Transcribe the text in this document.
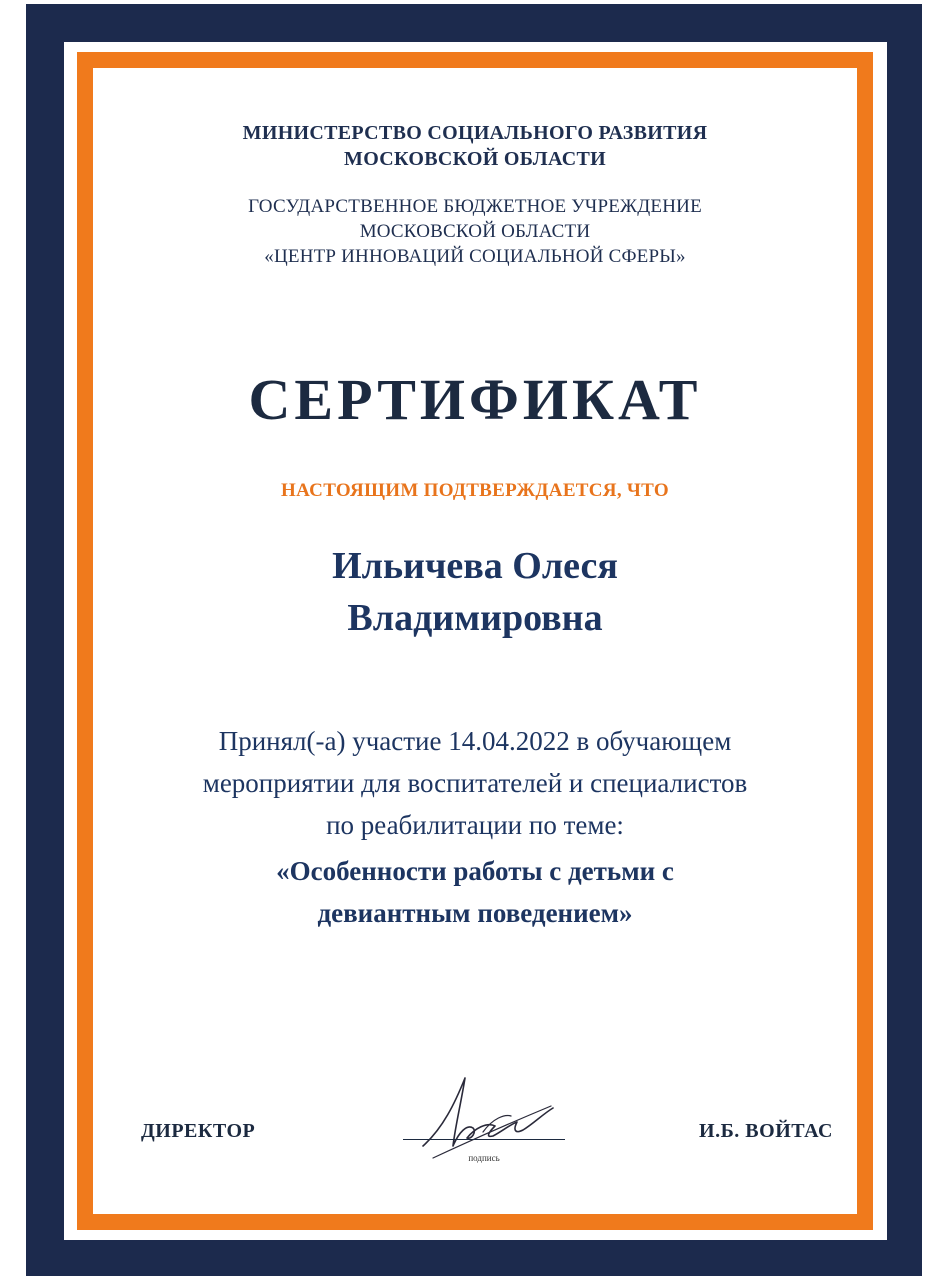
МИНИСТЕРСТВО СОЦИАЛЬНОГО РАЗВИТИЯ
МОСКОВСКОЙ ОБЛАСТИ
ГОСУДАРСТВЕННОЕ БЮДЖЕТНОЕ УЧРЕЖДЕНИЕ
МОСКОВСКОЙ ОБЛАСТИ
«ЦЕНТР ИННОВАЦИЙ СОЦИАЛЬНОЙ СФЕРЫ»
СЕРТИФИКАТ
НАСТОЯЩИМ ПОДТВЕРЖДАЕТСЯ, ЧТО
Ильичева Олеся
Владимировна
Принял(-а) участие 14.04.2022 в обучающем
мероприятии для воспитателей и специалистов
по реабилитации по теме:
«Особенности работы с детьми с
девиантным поведением»
ДИРЕКТОР
подпись
И.Б. ВОЙТАС
